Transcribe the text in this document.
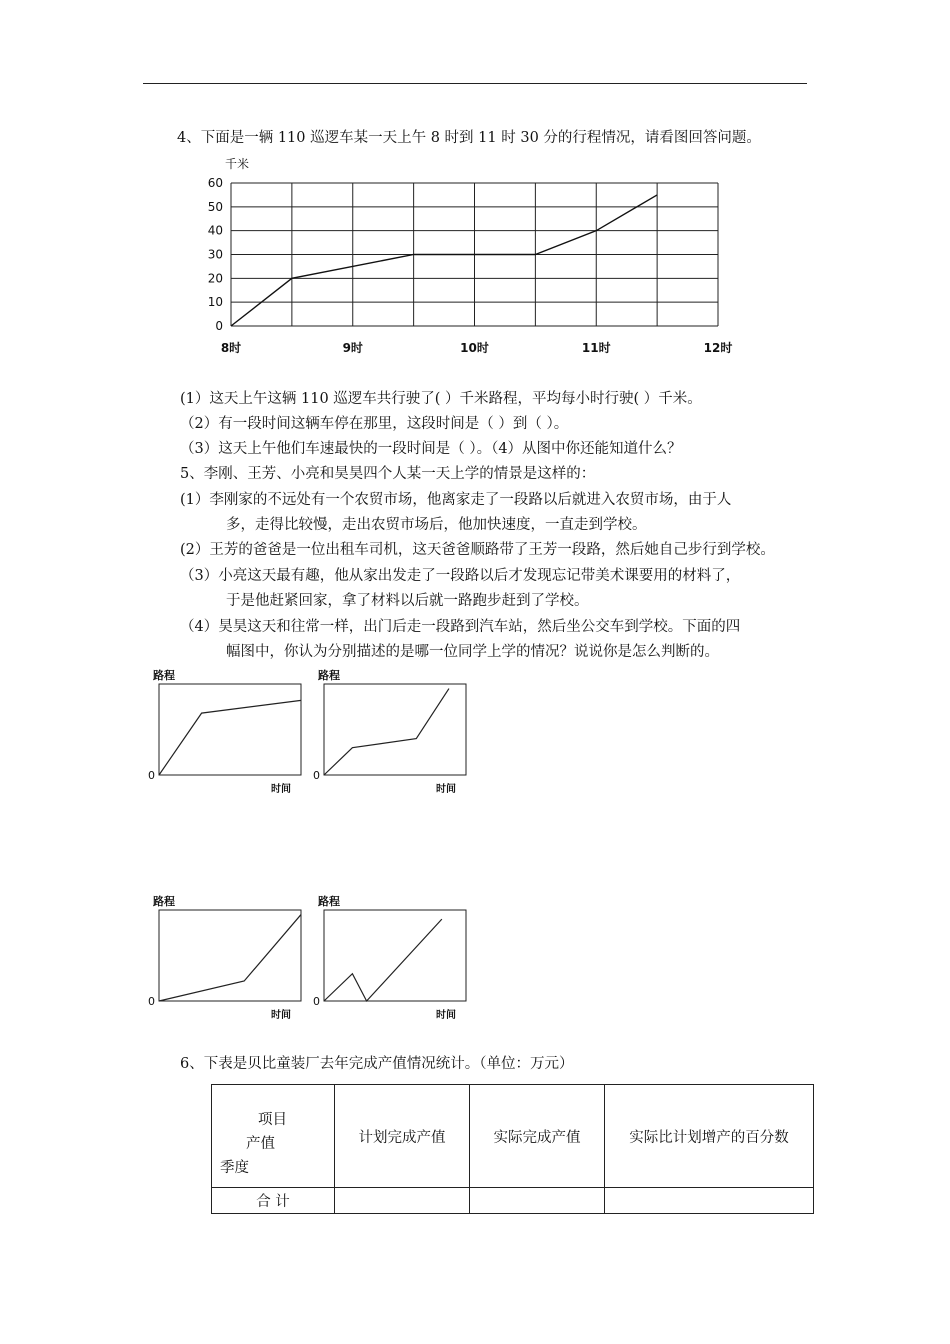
4、下面是一辆 110 巡逻车某一天上午 8 时到 11 时 30 分的行程情况，请看图回答问题。
千米
0
10
20
30
40
50
60
8时	9时	10时	11时	12时
(1）这天上午这辆 110 巡逻车共行驶了( ）千米路程，平均每小时行驶( ）千米。
（2）有一段时间这辆车停在那里，这段时间是（ ）到（ ）。
（3）这天上午他们车速最快的一段时间是（ ）。（4）从图中你还能知道什么？
5、李刚、王芳、小亮和昊昊四个人某一天上学的情景是这样的：
(1）李刚家的不远处有一个农贸市场，他离家走了一段路以后就进入农贸市场，由于人
多，走得比较慢，走出农贸市场后，他加快速度，一直走到学校。
(2）王芳的爸爸是一位出租车司机，这天爸爸顺路带了王芳一段路，然后她自己步行到学校。
（3）小亮这天最有趣，他从家出发走了一段路以后才发现忘记带美术课要用的材料了，
于是他赶紧回家，拿了材料以后就一路跑步赶到了学校。
（4）昊昊这天和往常一样，出门后走一段路到汽车站，然后坐公交车到学校。下面的四
幅图中，你认为分别描述的是哪一位同学上学的情况？说说你是怎么判断的。
路程
0
时间
路程
0
时间
路程
0
时间
路程
0
时间
6、下表是贝比童装厂去年完成产值情况统计。（单位：万元）
项目
产值
季度	计划完成产值	实际完成产值	实际比计划增产的百分数
合 计			
